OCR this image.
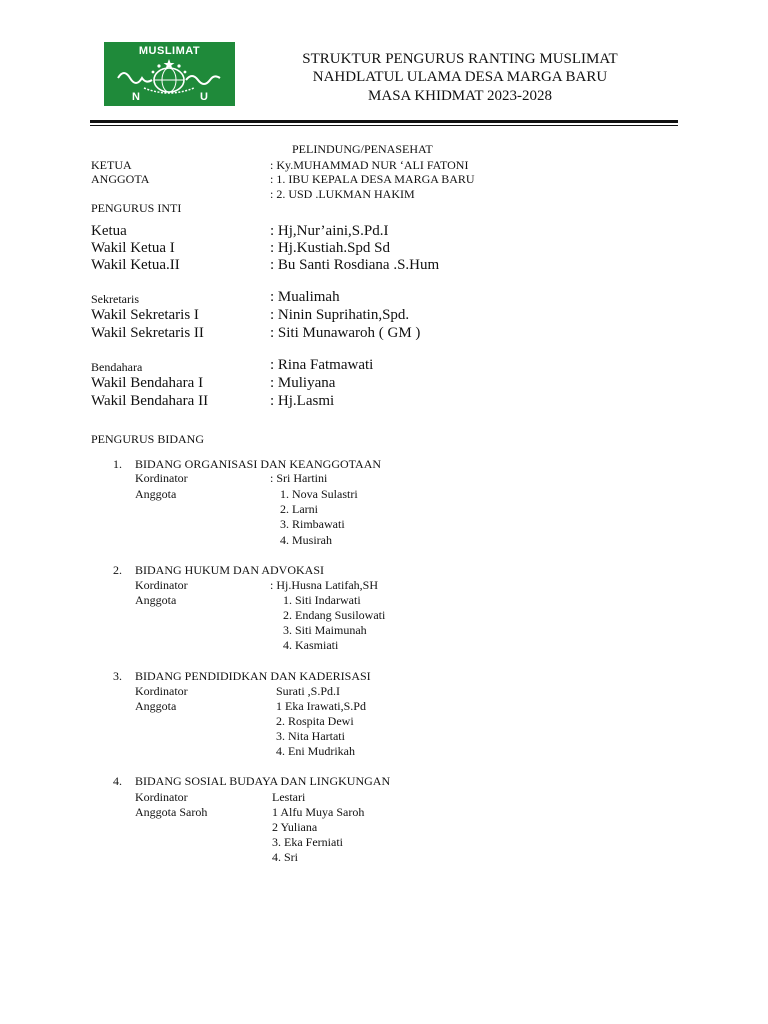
MUSLIMAT
N	U
STRUKTUR PENGURUS RANTING MUSLIMAT
NAHDLATUL ULAMA DESA MARGA BARU
MASA KHIDMAT 2023-2028
PELINDUNG/PENASEHAT
KETUA	: Ky.MUHAMMAD NUR ‘ALI FATONI
ANGGOTA	: 1. IBU KEPALA DESA MARGA BARU
: 2. USD .LUKMAN HAKIM
PENGURUS INTI
Ketua	: Hj,Nur’aini,S.Pd.I
Wakil Ketua I	: Hj.Kustiah.Spd Sd
Wakil Ketua.II	: Bu Santi Rosdiana .S.Hum
Sekretaris	: Mualimah
Wakil Sekretaris I	: Ninin Suprihatin,Spd.
Wakil Sekretaris II	: Siti Munawaroh ( GM )
Bendahara	: Rina Fatmawati
Wakil Bendahara I	: Muliyana
Wakil Bendahara II	: Hj.Lasmi
PENGURUS BIDANG
1. BIDANG ORGANISASI DAN KEANGGOTAAN
Kordinator	: Sri Hartini
Anggota	1. Nova Sulastri
2. Larni
3. Rimbawati
4. Musirah
2. BIDANG HUKUM DAN ADVOKASI
Kordinator	: Hj.Husna Latifah,SH
Anggota	1. Siti Indarwati
2. Endang Susilowati
3. Siti Maimunah
4. Kasmiati
3. BIDANG PENDIDIDKAN DAN KADERISASI
Kordinator	Surati ,S.Pd.I
Anggota	1 Eka Irawati,S.Pd
2. Rospita Dewi
3. Nita Hartati
4. Eni Mudrikah
4. BIDANG SOSIAL BUDAYA DAN LINGKUNGAN
Kordinator	Lestari
Anggota Saroh	1 Alfu Muya Saroh
2 Yuliana
3. Eka Ferniati
4. Sri
